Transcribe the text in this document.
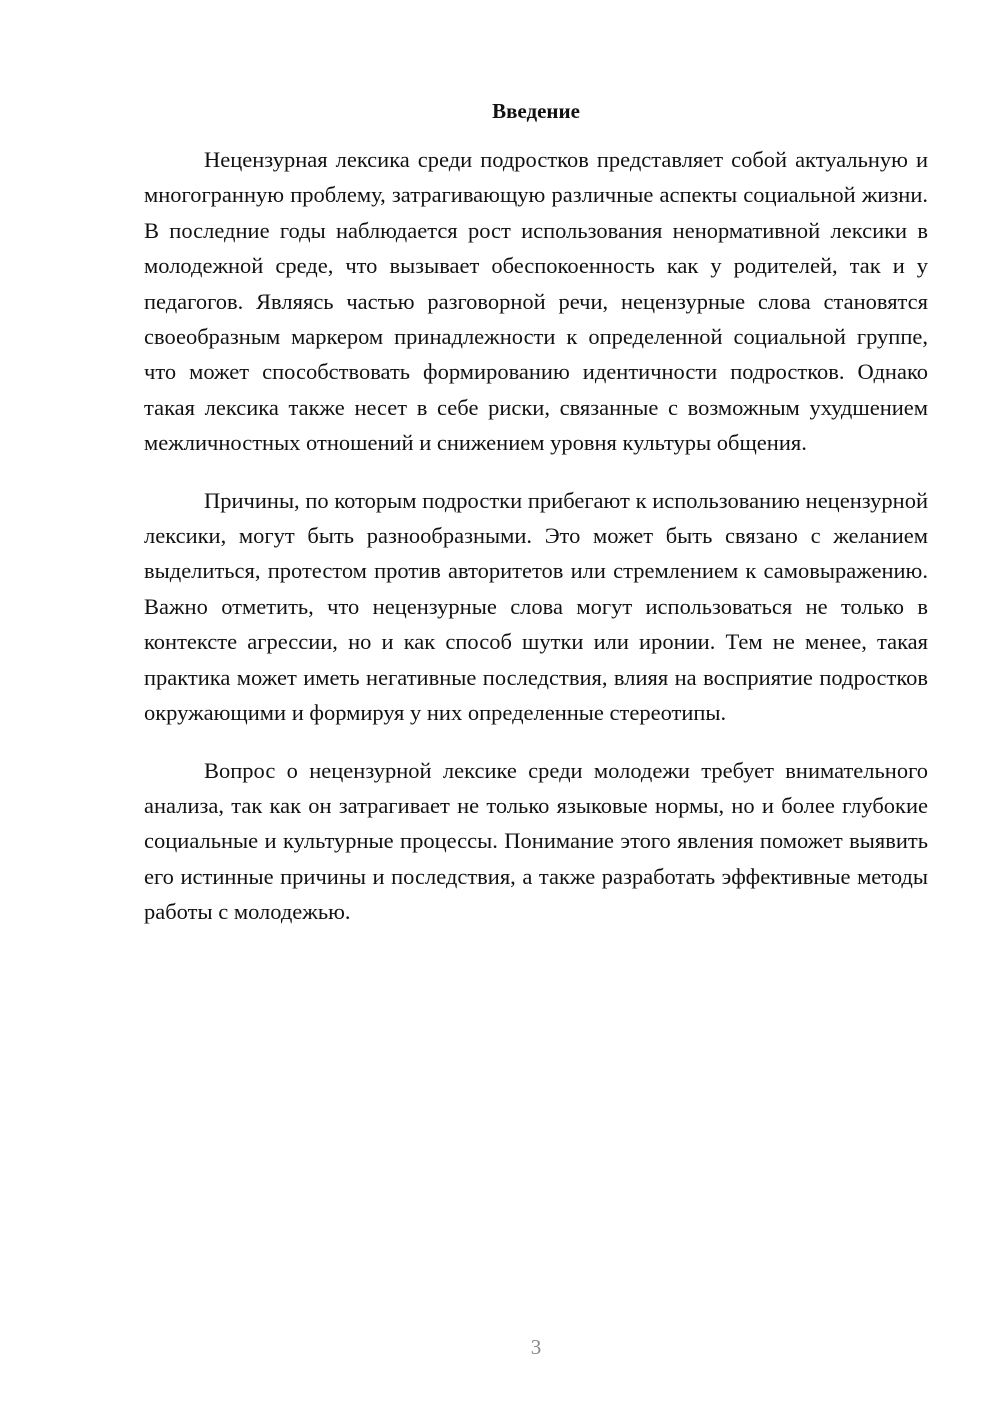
Введение

Нецензурная лексика среди подростков представляет собой актуальную и многогранную проблему, затрагивающую различные аспекты социальной жизни. В последние годы наблюдается рост использования ненормативной лексики в молодежной среде, что вызывает обеспокоенность как у родителей, так и у педагогов. Являясь частью разговорной речи, нецензурные слова становятся своеобразным маркером принадлежности к определенной социальной группе, что может способствовать формированию идентичности подростков. Однако такая лексика также несет в себе риски, связанные с возможным ухудшением межличностных отношений и снижением уровня культуры общения.

Причины, по которым подростки прибегают к использованию нецензурной лексики, могут быть разнообразными. Это может быть связано с желанием выделиться, протестом против авторитетов или стремлением к самовыражению. Важно отметить, что нецензурные слова могут использоваться не только в контексте агрессии, но и как способ шутки или иронии. Тем не менее, такая практика может иметь негативные последствия, влияя на восприятие подростков окружающими и формируя у них определенные стереотипы.

Вопрос о нецензурной лексике среди молодежи требует внимательного анализа, так как он затрагивает не только языковые нормы, но и более глубокие социальные и культурные процессы. Понимание этого явления поможет выявить его истинные причины и последствия, а также разработать эффективные методы работы с молодежью.

3
